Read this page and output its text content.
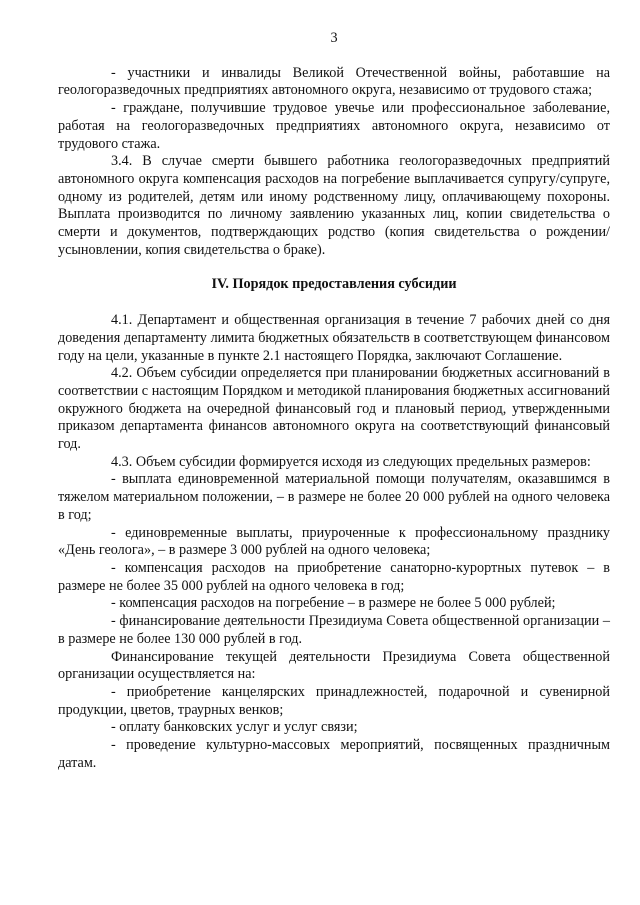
3

- участники и инвалиды Великой Отечественной войны, работавшие на геологоразведочных предприятиях автономного округа, независимо от трудового стажа;

- граждане, получившие трудовое увечье или профессиональное заболевание, работая на геологоразведочных предприятиях автономного округа, независимо от трудового стажа.

3.4. В случае смерти бывшего работника геологоразведочных предприятий автономного округа компенсация расходов на погребение выплачивается супругу/супруге, одному из родителей, детям или иному родственному лицу, оплачивающему похороны. Выплата производится по личному заявлению указанных лиц, копии свидетельства о смерти и документов, подтверждающих родство (копия свидетельства о рождении/усыновлении, копия свидетельства о браке).

IV. Порядок предоставления субсидии

4.1. Департамент и общественная организация в течение 7 рабочих дней со дня доведения департаменту лимита бюджетных обязательств в соответствующем финансовом году на цели, указанные в пункте 2.1 настоящего Порядка, заключают Соглашение.

4.2. Объем субсидии определяется при планировании бюджетных ассигнований в соответствии с настоящим Порядком и методикой планирования бюджетных ассигнований окружного бюджета на очередной финансовый год и плановый период, утвержденными приказом департамента финансов автономного округа на соответствующий финансовый год.

4.3. Объем субсидии формируется исходя из следующих предельных размеров:

- выплата единовременной материальной помощи получателям, оказавшимся в тяжелом материальном положении, – в размере не более 20 000 рублей на одного человека в год;

- единовременные выплаты, приуроченные к профессиональному празднику «День геолога», – в размере 3 000 рублей на одного человека;

- компенсация расходов на приобретение санаторно-курортных путевок – в размере не более 35 000 рублей на одного человека в год;

- компенсация расходов на погребение – в размере не более 5 000 рублей;

- финансирование деятельности Президиума Совета общественной организации – в размере не более 130 000 рублей в год.

Финансирование текущей деятельности Президиума Совета общественной организации осуществляется на:

- приобретение канцелярских принадлежностей, подарочной и сувенирной продукции, цветов, траурных венков;

- оплату банковских услуг и услуг связи;

- проведение культурно-массовых мероприятий, посвященных праздничным датам.
